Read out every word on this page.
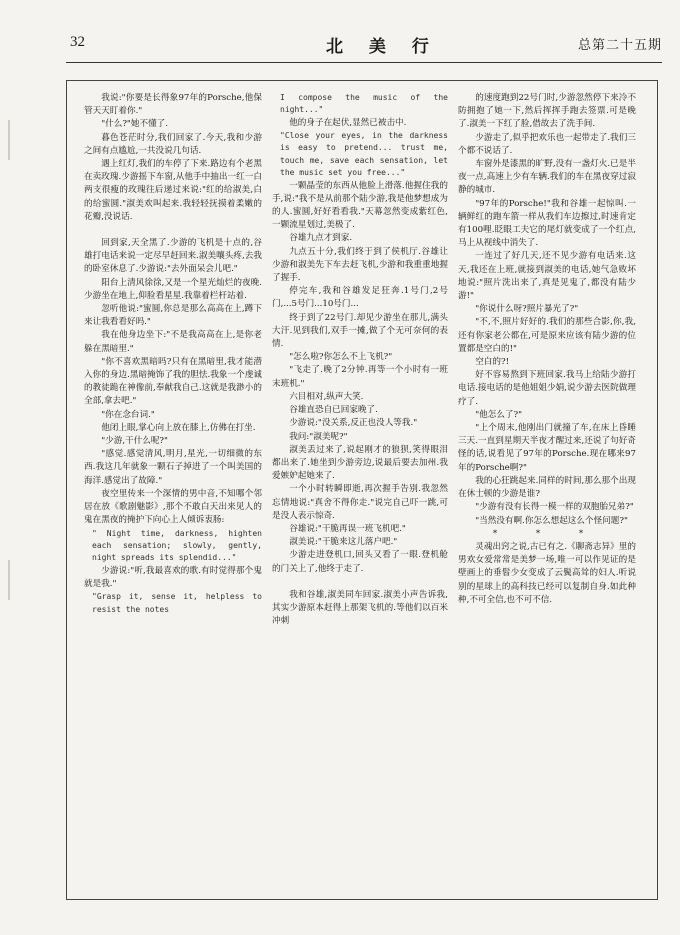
32	北 美 行	总第二十五期

我说:"你要是长得象97年的Porsche,他保管天天盯着你."

"什么?"她不懂了.

暮色苍茫时分,我们回家了.今天,我和少游之间有点尴尬,一共没说几句话.

遇上红灯,我们的车停了下来.路边有个老黑在卖玫瑰.少游摇下车窗,从他手中抽出一红一白两支很瘦的玫瑰往后递过来说:"红的给淑美,白的给蜜圆."淑美欢叫起来.我轻轻抚摸着柔嫩的花瓣,没说话.

回到家,天全黑了.少游的飞机是十点的,谷雄打电话来说一定尽早赶回来.淑美嚷头疼,去我的卧室休息了.少游说:"去外面呆会儿吧."

阳台上清风徐徐,又是一个星光灿烂的夜晚.少游坐在地上,仰脸看星星.我靠着栏杆站着.

忽听他说:"蜜圆,你总是那么高高在上,蹲下来让我看看好吗."

我在他身边坐下:"不是我高高在上,是你老躲在黑暗里."

"你不喜欢黑暗吗?只有在黑暗里,我才能潜入你的身边.黑暗掩饰了我的胆怯.我象一个虔诚的教徒跪在神像前,奉献我自己.这就是我渺小的全部,拿去吧."

"你在念台词."

他闭上眼,掌心向上放在膝上,仿佛在打坐.

"少游,干什么呢?"

"感觉.感觉清风,明月,星光,一切细微的东西.我这几年就象一颗石子掉进了一个叫美国的海洋.感觉出了故障."

夜空里传来一个深情的男中音,不知哪个邻居在放《歌剧魅影》,那个不敢白天出来见人的鬼在黑夜的掩护下向心上人倾诉衷肠:

" Night time, darkness, highten each sensation; slowly, gently, night spreads its splendid..."

少游说:"听,我最喜欢的歌.有时觉得那个鬼就是我."

"Grasp it, sense it, helpless to resist the notes

I compose the music of the night..."

他的身子在起伏,显然已被击中.

"Close your eyes, in the darkness is easy to pretend... trust me, touch me, save each sensation, let the music set you free..."

一颗晶莹的东西从他脸上滑落.他握住我的手,说:"我不是从前那个陆少游,我是他梦想成为的人.蜜圆,好好看看我."天幕忽然变成紫红色,一颗流星划过,美极了.

谷雄九点才到家.

九点五十分,我们终于到了侯机厅.谷雄让少游和淑美先下车去赶飞机,少游和我重重地握了握手.

停完车,我和谷雄发足狂奔.1号门,2号门,...5号门...10号门...

终于到了22号门.却见少游坐在那儿,满头大汗.见到我们,双手一摊,做了个无可奈何的表情.

"怎么啦?你怎么不上飞机?"

"飞走了.晚了2分钟.再等一个小时有一班末班机."

六目相对,纵声大笑.

谷雄直恐自已回家晚了.

少游说:"没关系,反正也没人等我."

我问:"淑美呢?"

淑美丢过来了,说起刚才的狼狈,笑得眼泪都出来了.她坐到少游旁边,说最后要去加州.我爱嫉妒起她来了.

一个小时转瞬即逝,再次握手告别.我忽然忘情地说:"真舍不得你走."说完自己吓一跳,可是没人表示惊奇.

谷雄说:"干脆再误一班飞机吧."

淑美说:"干脆来这儿落户吧."

少游走进登机口,回头又看了一眼.登机舱的门关上了,他终于走了.

我和谷雄,淑美同车回家.淑美小声告诉我,其实少游原本赶得上那架飞机的.等他们以百米冲刺

的速度跑到22号门时,少游忽然停下来冷不防拥抱了她一下,然后挥挥手跑去签票.可是晚了.淑美一下红了脸,借故去了洗手间.

少游走了,似乎把欢乐也一起带走了.我们三个都不说话了.

车窗外是漆黑的旷野,没有一盏灯火.已是半夜一点,高速上少有车辆.我们的车在黑夜穿过寂静的城市.

"97年的Porsche!"我和谷雄一起惊叫.一辆鲜红的跑车箭一样从我们车边擦过,时速肯定有100哩.眨眼工夫它的尾灯就变成了一个红点,马上从视线中消失了.

一连过了好几天,还不见少游有电话来.这天,我还在上班,就接到淑美的电话,她气急败坏地说:"照片洗出来了,真是见鬼了,都没有陆少游!"

"你说什么呀?照片暴光了?"

"不,不,照片好好的.我们的那些合影,你,我,还有你家老公都在,可是原来应该有陆少游的位置都是空白的!"

空白的?!

好不容易熬到下班回家.我马上给陆少游打电话.接电话的是他姐姐少娟,说少游去医院做理疗了.

"他怎么了?"

"上个周末,他刚出门就撞了车,在床上昏睡三天.一直到星期天半夜才醒过来,还说了句好奇怪的话,说看见了97年的Porsche.现在哪来97年的Porsche啊?"

我的心狂跳起来.同样的时间,那么那个出现在休士顿的少游是谁?

"少游有没有长得一模一样的双胞胎兄弟?"

"当然没有啊.你怎么想起这么个怪问题?"

* * *

灵魂出窍之说,古已有之.《聊斋志异》里的男欢女爱常常是美梦一场,唯一可以作见证的是壁画上的垂髫少女变成了云鬓高耸的妇人.听说别的星球上的高科技已经可以复制自身.如此种种,不可全信,也不可不信.
